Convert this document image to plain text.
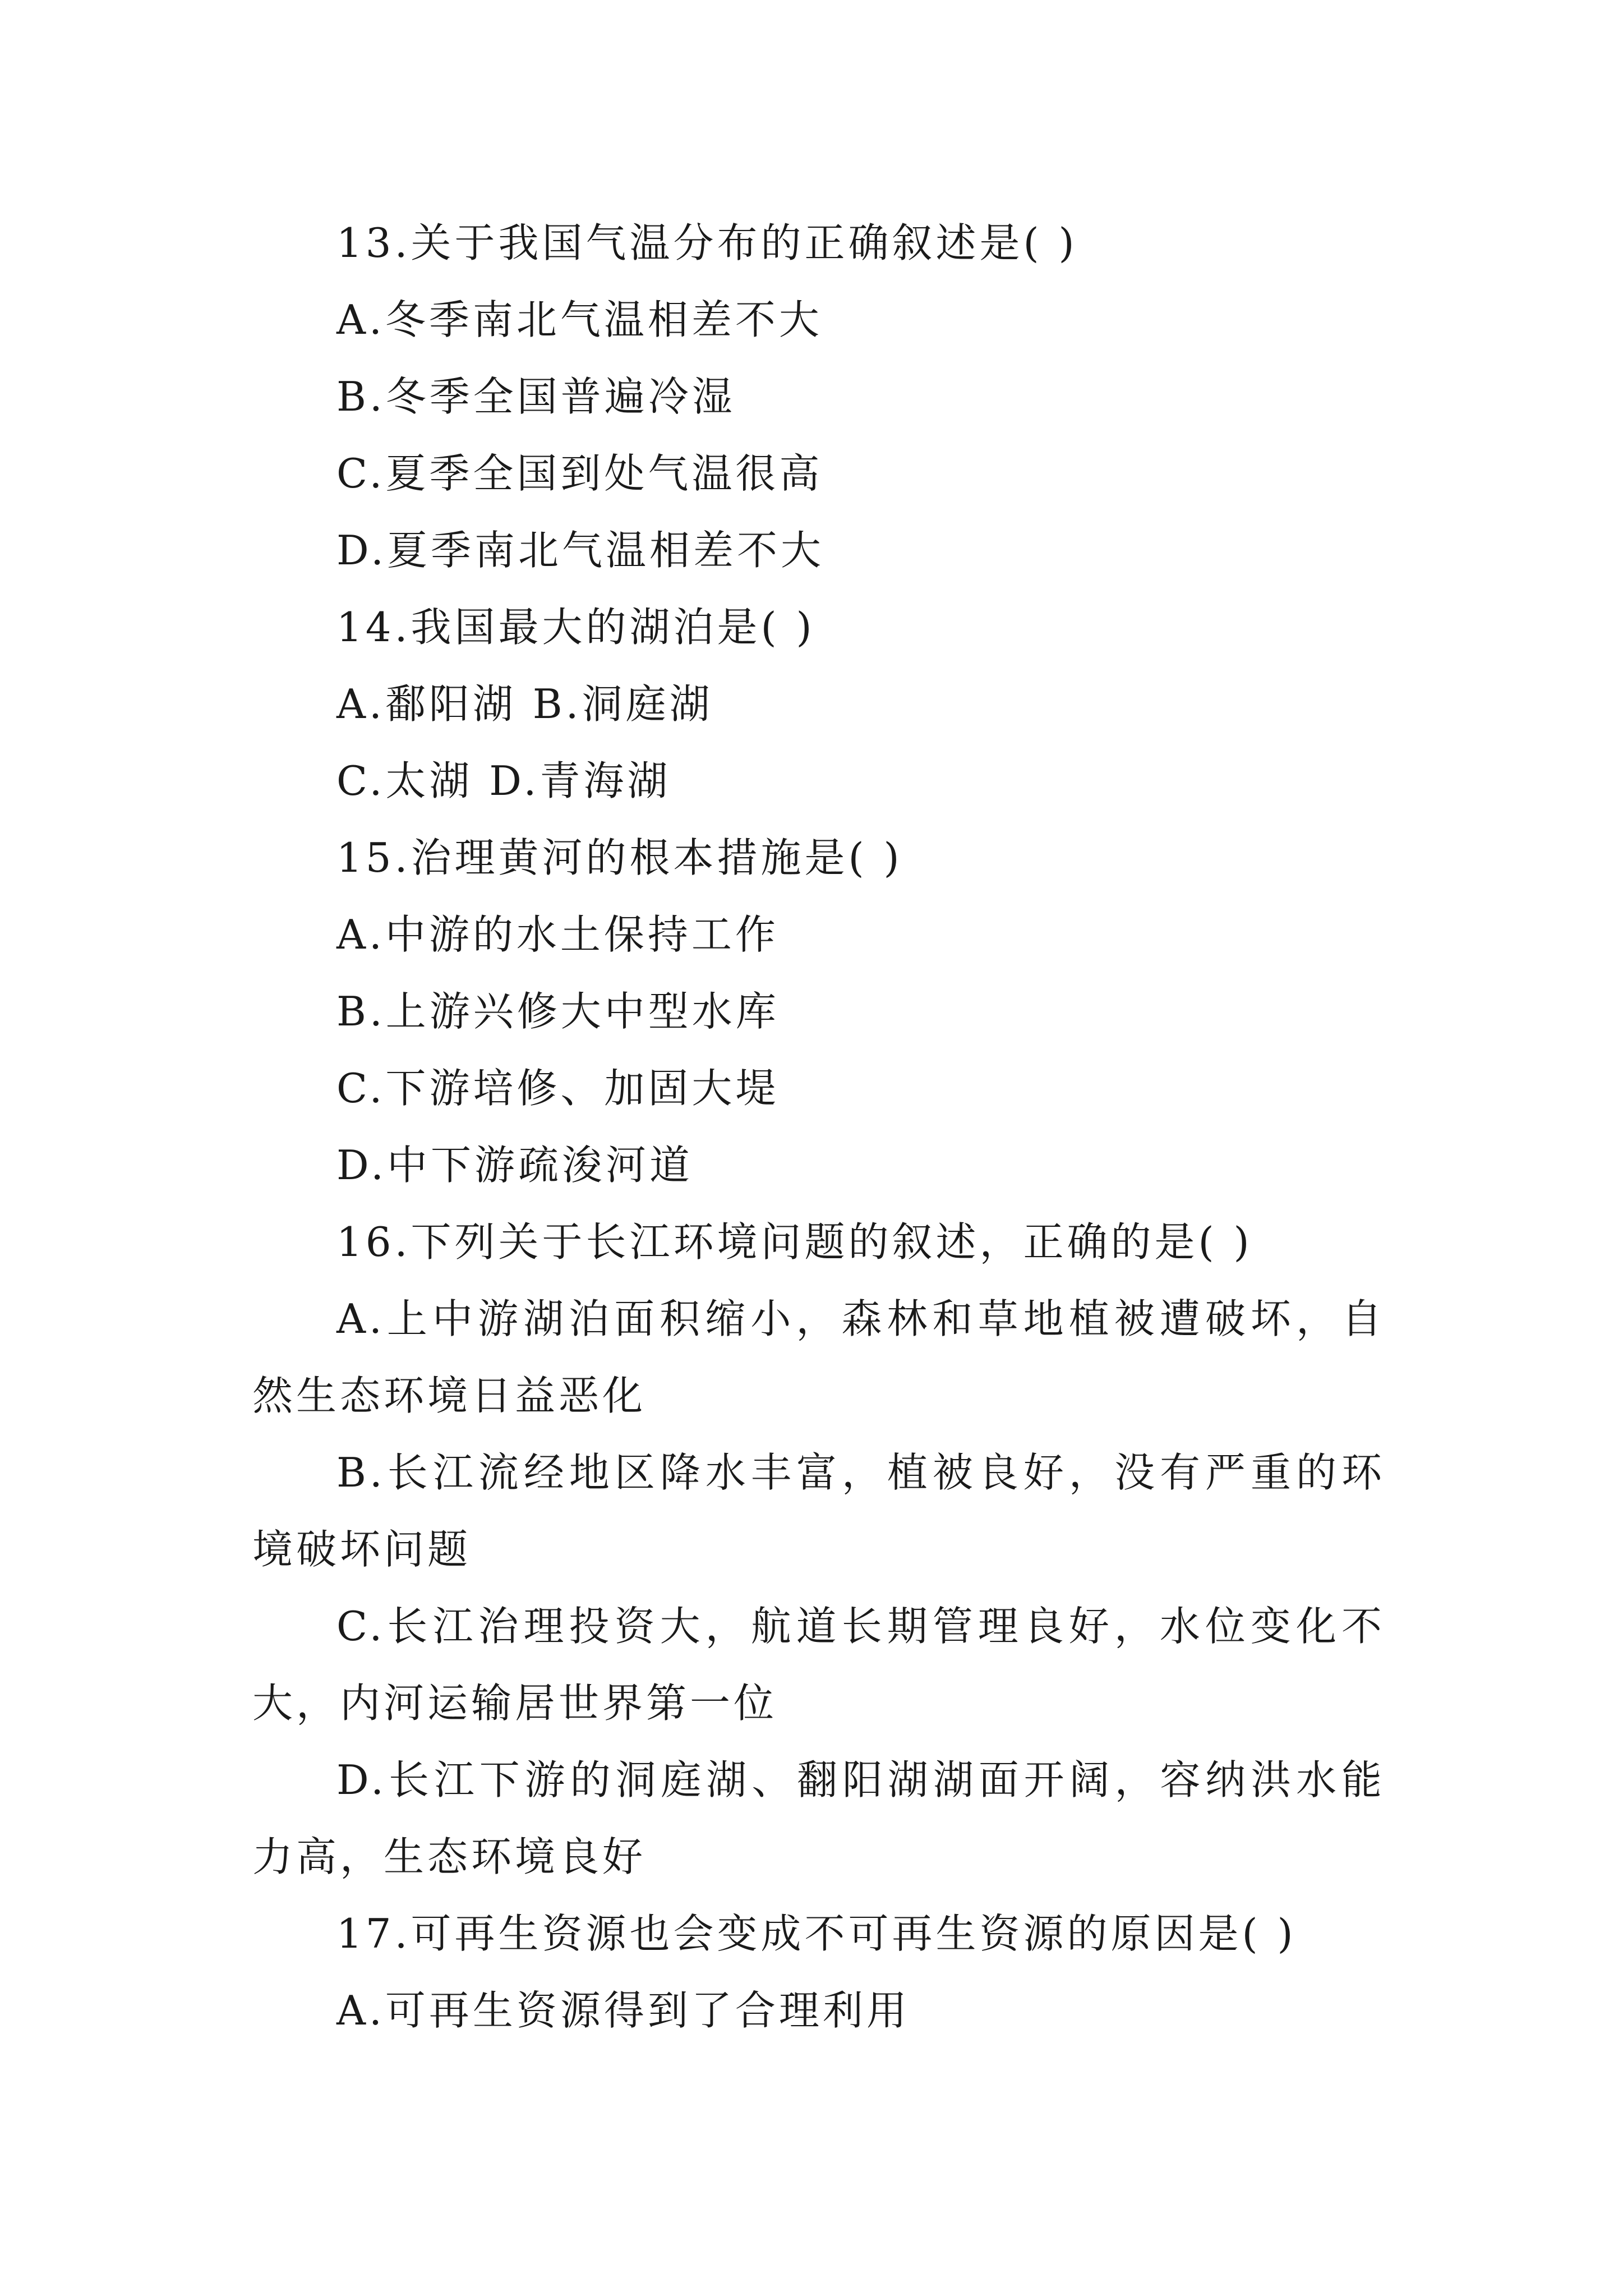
13.关于我国气温分布的正确叙述是( )
A.冬季南北气温相差不大
B.冬季全国普遍冷湿
C.夏季全国到处气温很高
D.夏季南北气温相差不大
14.我国最大的湖泊是( )
A.鄱阳湖 B.洞庭湖
C.太湖 D.青海湖
15.治理黄河的根本措施是( )
A.中游的水土保持工作
B.上游兴修大中型水库
C.下游培修、加固大堤
D.中下游疏浚河道
16.下列关于长江环境问题的叙述，正确的是( )
A.上中游湖泊面积缩小，森林和草地植被遭破坏，自然生态环境日益恶化
B.长江流经地区降水丰富，植被良好，没有严重的环境破坏问题
C.长江治理投资大，航道长期管理良好，水位变化不大，内河运输居世界第一位
D.长江下游的洞庭湖、翻阳湖湖面开阔，容纳洪水能力高，生态环境良好
17.可再生资源也会变成不可再生资源的原因是( )
A.可再生资源得到了合理利用
